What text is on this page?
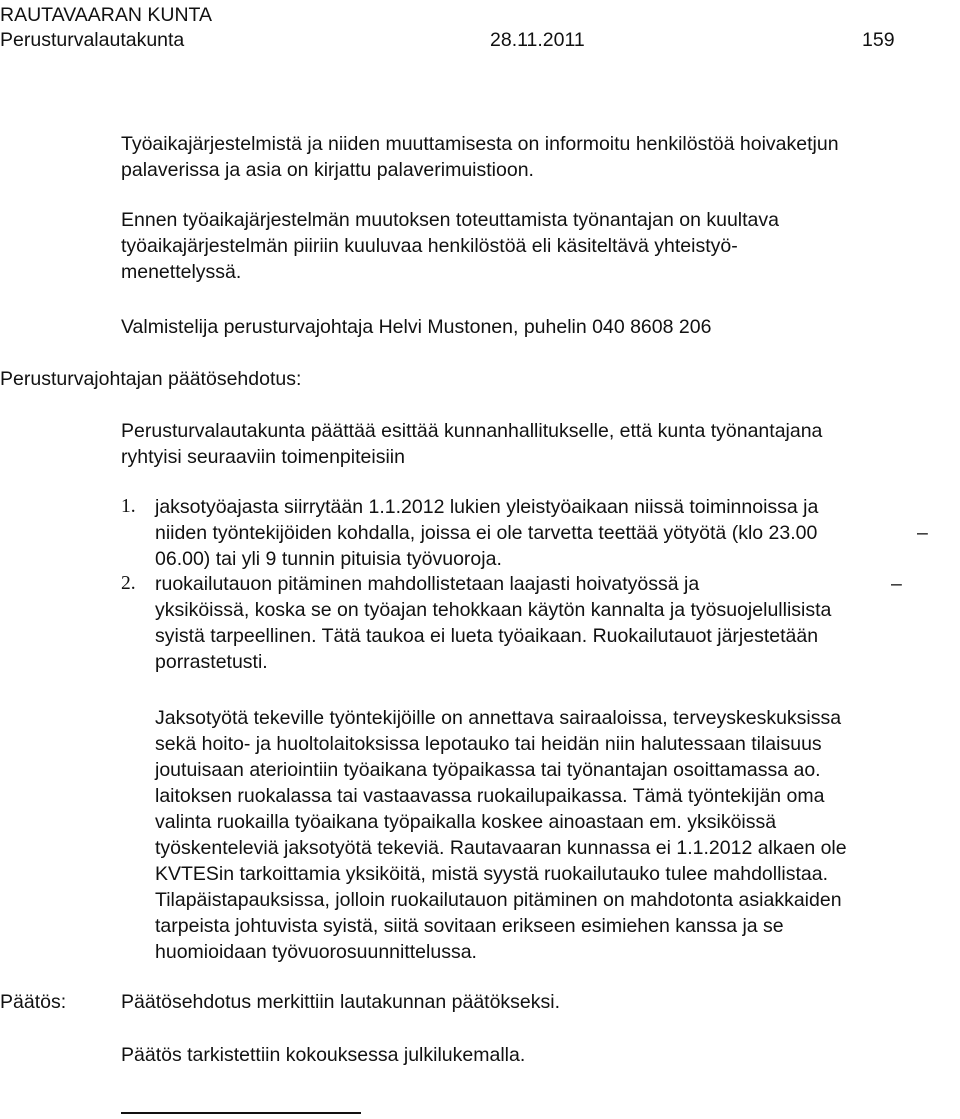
RAUTAVAARAN KUNTA
Perusturvalautakunta	28.11.2011	159
Työaikajärjestelmistä ja niiden muuttamisesta on informoitu henkilöstöä hoivaketjun
palaverissa ja asia on kirjattu palaverimuistioon.
Ennen työaikajärjestelmän muutoksen toteuttamista työnantajan on kuultava
työaikajärjestelmän piiriin kuuluvaa henkilöstöä eli käsiteltävä yhteistyö-
menettelyssä.
Valmistelija perusturvajohtaja Helvi Mustonen, puhelin 040 8608 206
Perusturvajohtajan päätösehdotus:
Perusturvalautakunta päättää esittää kunnanhallitukselle, että kunta työnantajana
ryhtyisi seuraaviin toimenpiteisiin
1. jaksotyöajasta siirrytään 1.1.2012 lukien yleistyöaikaan niissä toiminnoissa ja
niiden työntekijöiden kohdalla, joissa ei ole tarvetta teettää yötyötä (klo 23.00
06.00) tai yli 9 tunnin pituisia työvuoroja.
–
2. ruokailutauon pitäminen mahdollistetaan laajasti hoivatyössä ja
yksiköissä, koska se on työajan tehokkaan käytön kannalta ja työsuojelullisista
syistä tarpeellinen. Tätä taukoa ei lueta työaikaan. Ruokailutauot järjestetään
porrastetusti.
–
Jaksotyötä tekeville työntekijöille on annettava sairaaloissa, terveyskeskuksissa
sekä hoito- ja huoltolaitoksissa lepotauko tai heidän niin halutessaan tilaisuus
joutuisaan ateriointiin työaikana työpaikassa tai työnantajan osoittamassa ao.
laitoksen ruokalassa tai vastaavassa ruokailupaikassa. Tämä työntekijän oma
valinta ruokailla työaikana työpaikalla koskee ainoastaan em. yksiköissä
työskenteleviä jaksotyötä tekeviä. Rautavaaran kunnassa ei 1.1.2012 alkaen ole
KVTESin tarkoittamia yksiköitä, mistä syystä ruokailutauko tulee mahdollistaa.
Tilapäistapauksissa, jolloin ruokailutauon pitäminen on mahdotonta asiakkaiden
tarpeista johtuvista syistä, siitä sovitaan erikseen esimiehen kanssa ja se
huomioidaan työvuorosuunnittelussa.
Päätös:	Päätösehdotus merkittiin lautakunnan päätökseksi.
Päätös tarkistettiin kokouksessa julkilukemalla.
